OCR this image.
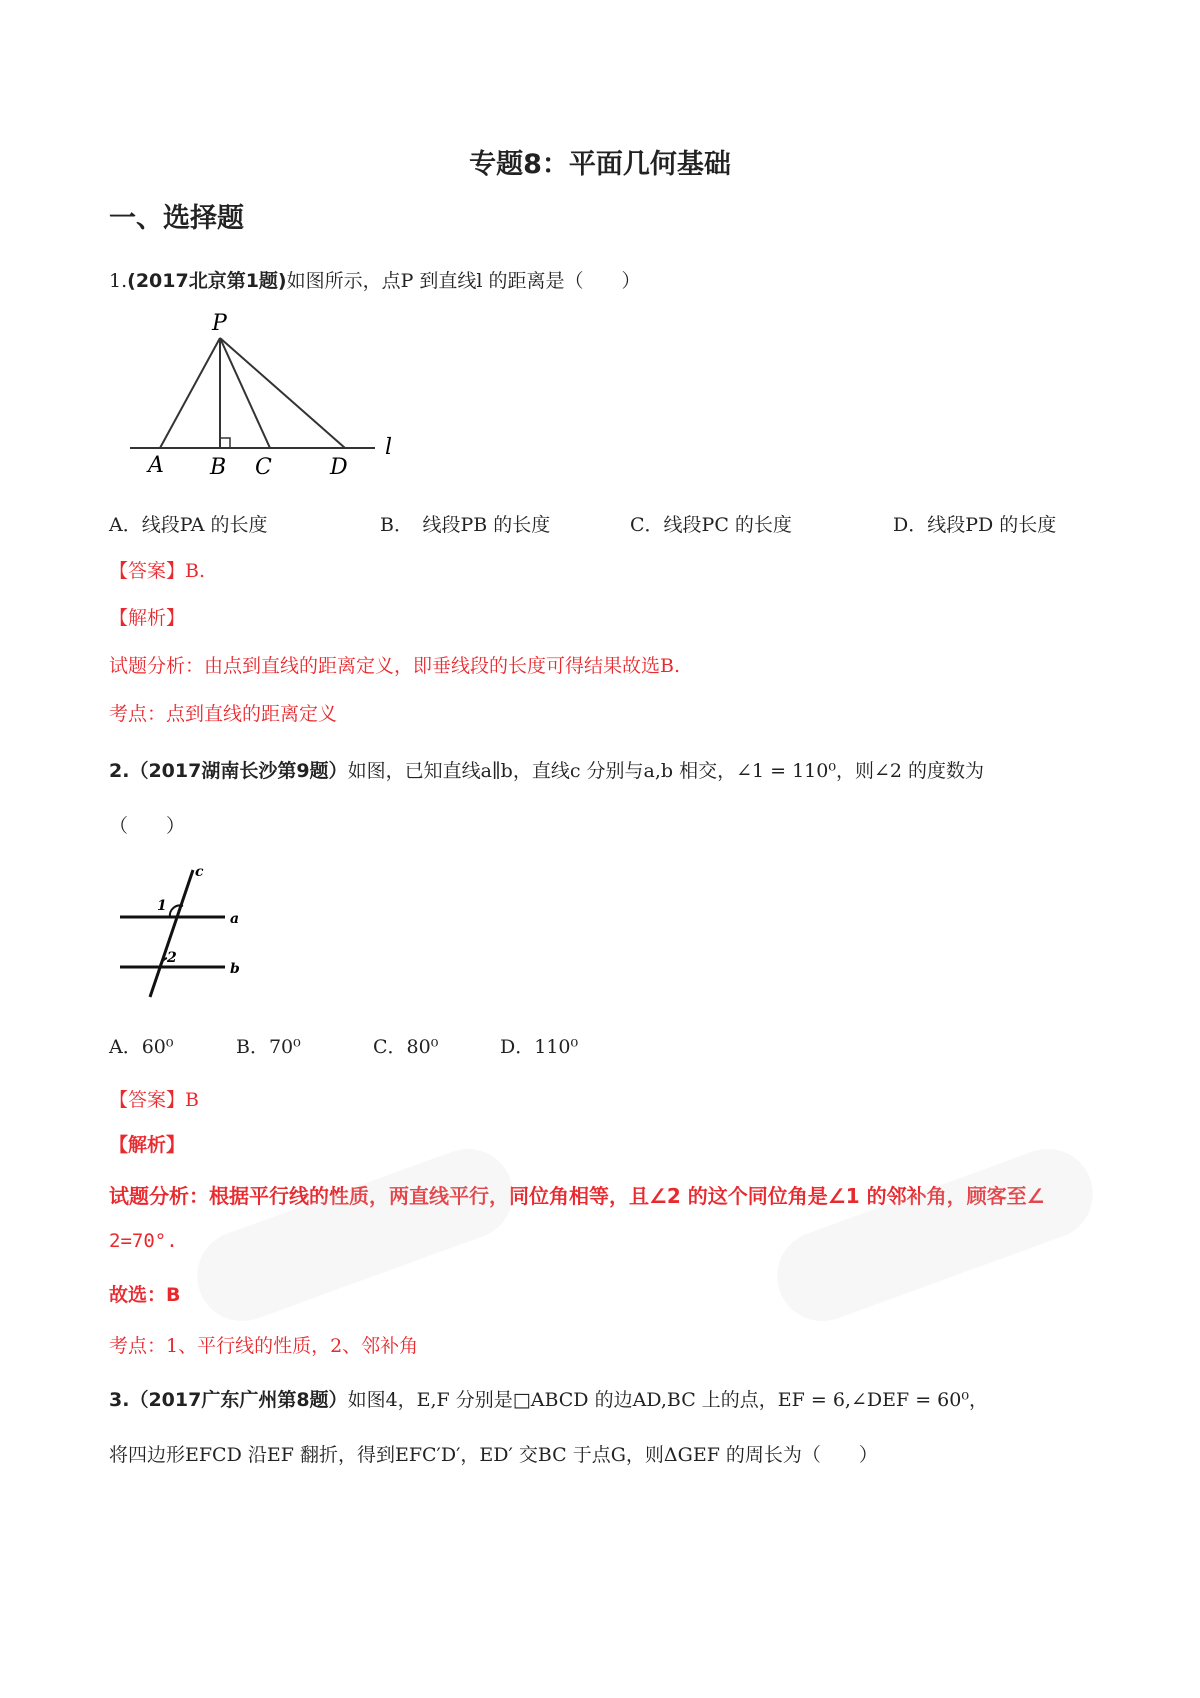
专题8：平面几何基础
一、选择题
1.(2017北京第1题)如图所示，点P 到直线l 的距离是（　　）
P
A B C	D
l
A．线段PA 的长度	B．　线段PB 的长度	C．线段PC 的长度	D．线段PD 的长度
【答案】B.
【解析】
试题分析：由点到直线的距离定义，即垂线段的长度可得结果故选B.
考点：点到直线的距离定义
2.（2017湖南长沙第9题）如图，已知直线a∥b，直线c 分别与a,b 相交，∠1 = 110⁰，则∠2 的度数为
（　　）
c
a
b
1
2
A．60⁰	B．70⁰	C．80⁰	D．110⁰
【答案】B
【解析】
试题分析：根据平行线的性质，两直线平行，同位角相等，且∠2 的这个同位角是∠1 的邻补角，顾客至∠
2=70°.
故选：B
考点：1、平行线的性质，2、邻补角
3.（2017广东广州第8题）如图4，E,F 分别是□ABCD 的边AD,BC 上的点，EF = 6,∠DEF = 60⁰，
将四边形EFCD 沿EF 翻折，得到EFC′D′，ED′ 交BC 于点G，则ΔGEF 的周长为（　　）
